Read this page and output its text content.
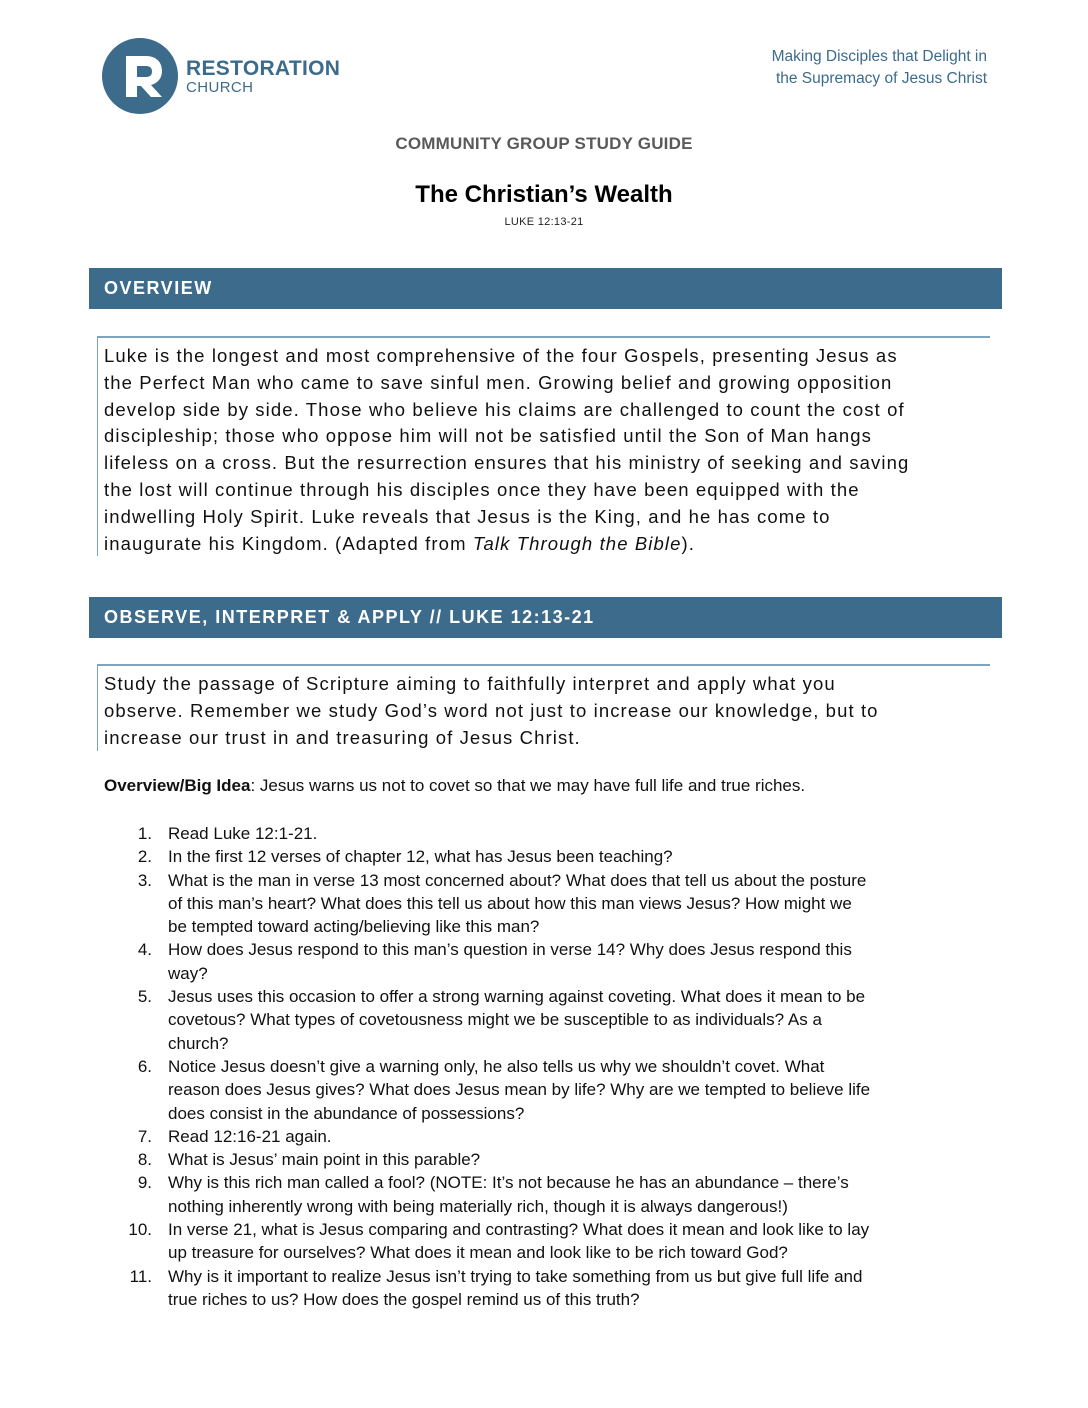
RESTORATION
CHURCH
Making Disciples that Delight in
the Supremacy of Jesus Christ
COMMUNITY GROUP STUDY GUIDE
The Christian’s Wealth
LUKE 12:13-21
OVERVIEW

Luke is the longest and most comprehensive of the four Gospels, presenting Jesus as

the Perfect Man who came to save sinful men. Growing belief and growing opposition

develop side by side. Those who believe his claims are challenged to count the cost of

discipleship; those who oppose him will not be satisfied until the Son of Man hangs

lifeless on a cross. But the resurrection ensures that his ministry of seeking and saving

the lost will continue through his disciples once they have been equipped with the

indwelling Holy Spirit. Luke reveals that Jesus is the King, and he has come to

inaugurate his Kingdom. (Adapted from Talk Through the Bible).

OBSERVE, INTERPRET & APPLY // LUKE 12:13-21

Study the passage of Scripture aiming to faithfully interpret and apply what you

observe. Remember we study God’s word not just to increase our knowledge, but to

increase our trust in and treasuring of Jesus Christ.

Overview/Big Idea: Jesus warns us not to covet so that we may have full life and true riches.
1. Read Luke 12:1-21.
2. In the first 12 verses of chapter 12, what has Jesus been teaching?
3. What is the man in verse 13 most concerned about? What does that tell us about the posture
of this man’s heart? What does this tell us about how this man views Jesus? How might we
be tempted toward acting/believing like this man?
4. How does Jesus respond to this man’s question in verse 14? Why does Jesus respond this
way?
5. Jesus uses this occasion to offer a strong warning against coveting. What does it mean to be
covetous? What types of covetousness might we be susceptible to as individuals? As a
church?
6. Notice Jesus doesn’t give a warning only, he also tells us why we shouldn’t covet. What
reason does Jesus gives? What does Jesus mean by life? Why are we tempted to believe life
does consist in the abundance of possessions?
7. Read 12:16-21 again.
8. What is Jesus’ main point in this parable?
9. Why is this rich man called a fool? (NOTE: It’s not because he has an abundance – there’s
nothing inherently wrong with being materially rich, though it is always dangerous!)
10. In verse 21, what is Jesus comparing and contrasting? What does it mean and look like to lay
up treasure for ourselves? What does it mean and look like to be rich toward God?
11. Why is it important to realize Jesus isn’t trying to take something from us but give full life and
true riches to us? How does the gospel remind us of this truth?
